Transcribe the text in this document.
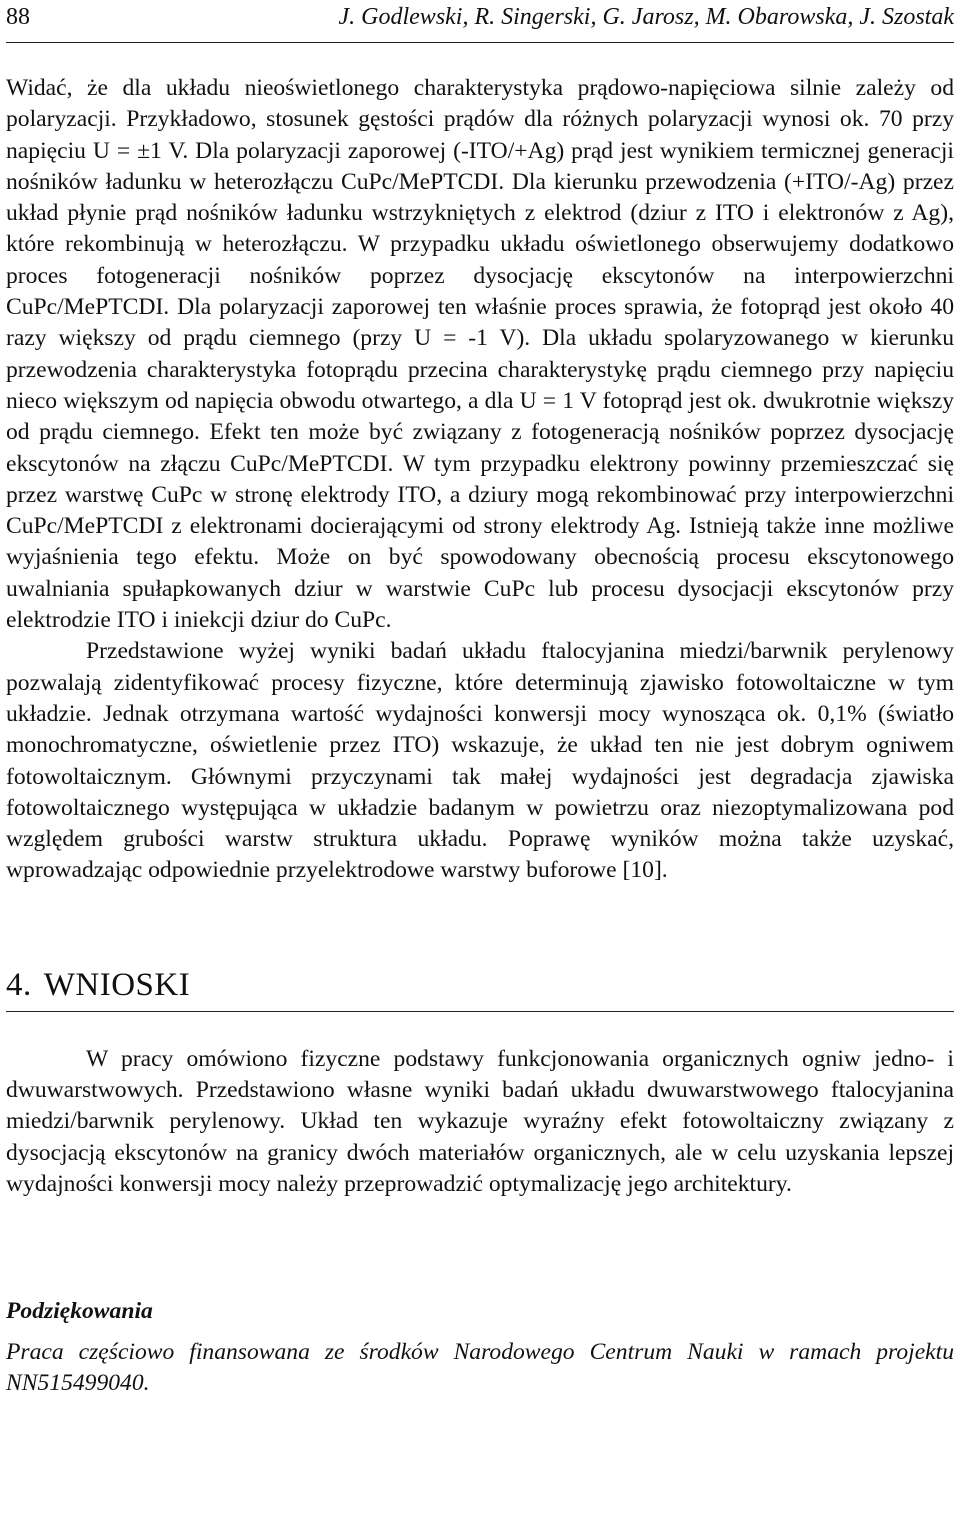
88	J. Godlewski, R. Singerski, G. Jarosz, M. Obarowska, J. Szostak

Widać, że dla układu nieoświetlonego charakterystyka prądowo-napięciowa silnie zależy od polaryzacji. Przykładowo, stosunek gęstości prądów dla różnych polaryzacji wynosi ok. 70 przy napięciu U = ±1 V. Dla polaryzacji zaporowej (-ITO/+Ag) prąd jest wynikiem termicznej generacji nośników ładunku w heterozłączu CuPc/MePTCDI. Dla kierunku przewodzenia (+ITO/-Ag) przez układ płynie prąd nośników ładunku wstrzykniętych z elektrod (dziur z ITO i elektronów z Ag), które rekombinują w heterozłączu. W przypadku układu oświetlonego obserwujemy dodatkowo proces fotogeneracji nośników poprzez dysocjację ekscytonów na interpowierzchni CuPc/MePTCDI. Dla polaryzacji zaporowej ten właśnie proces sprawia, że fotoprąd jest około 40 razy większy od prądu ciemnego (przy U = -1 V). Dla układu spolaryzowanego w kierunku przewodzenia charakterystyka fotoprądu przecina charakterystykę prądu ciemnego przy napięciu nieco większym od napięcia obwodu otwartego, a dla U = 1 V fotoprąd jest ok. dwukrotnie większy od prądu ciemnego. Efekt ten może być związany z fotogeneracją nośników poprzez dysocjację ekscytonów na złączu CuPc/MePTCDI. W tym przypadku elektrony powinny przemieszczać się przez warstwę CuPc w stronę elektrody ITO, a dziury mogą rekombinować przy interpowierzchni CuPc/MePTCDI z elektronami docierającymi od strony elektrody Ag. Istnieją także inne możliwe wyjaśnienia tego efektu. Może on być spowodowany obecnością procesu ekscytonowego uwalniania spułapkowanych dziur w warstwie CuPc lub procesu dysocjacji ekscytonów przy elektrodzie ITO i iniekcji dziur do CuPc.

Przedstawione wyżej wyniki badań układu ftalocyjanina miedzi/barwnik perylenowy pozwalają zidentyfikować procesy fizyczne, które determinują zjawisko fotowoltaiczne w tym układzie. Jednak otrzymana wartość wydajności konwersji mocy wynosząca ok. 0,1% (światło monochromatyczne, oświetlenie przez ITO) wskazuje, że układ ten nie jest dobrym ogniwem fotowoltaicznym. Głównymi przyczynami tak małej wydajności jest degradacja zjawiska fotowoltaicznego występująca w układzie badanym w powietrzu oraz niezoptymalizowana pod względem grubości warstw struktura układu. Poprawę wyników można także uzyskać, wprowadzając odpowiednie przyelektrodowe warstwy buforowe [10].

4. WNIOSKI

W pracy omówiono fizyczne podstawy funkcjonowania organicznych ogniw jedno- i dwuwarstwowych. Przedstawiono własne wyniki badań układu dwuwarstwowego ftalocyjanina miedzi/barwnik perylenowy. Układ ten wykazuje wyraźny efekt fotowoltaiczny związany z dysocjacją ekscytonów na granicy dwóch materiałów organicznych, ale w celu uzyskania lepszej wydajności konwersji mocy należy przeprowadzić optymalizację jego architektury.

Podziękowania
Praca częściowo finansowana ze środków Narodowego Centrum Nauki w ramach projektu NN515499040.
